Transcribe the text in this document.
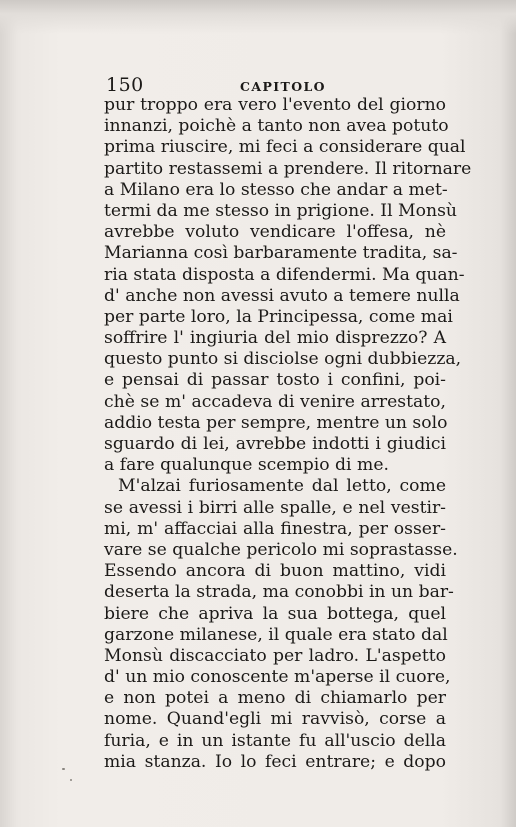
150	CAPITOLO
pur troppo era vero l'evento del giorno
innanzi, poichè a tanto non avea potuto
prima riuscire, mi feci a considerare qual
partito restassemi a prendere. Il ritornare
a Milano era lo stesso che andar a met-
termi da me stesso in prigione. Il Monsù
avrebbe voluto vendicare l'offesa, nè
Marianna così barbaramente tradita, sa-
ria stata disposta a difendermi. Ma quan-
d' anche non avessi avuto a temere nulla
per parte loro, la Principessa, come mai
soffrire l' ingiuria del mio disprezzo? A
questo punto si disciolse ogni dubbiezza,
e pensai di passar tosto i confini, poi-
chè se m' accadeva di venire arrestato,
addio testa per sempre, mentre un solo
sguardo di lei, avrebbe indotti i giudici
a fare qualunque scempio di me.
M'alzai furiosamente dal letto, come
se avessi i birri alle spalle, e nel vestir-
mi, m' affacciai alla finestra, per osser-
vare se qualche pericolo mi soprastasse.
Essendo ancora di buon mattino, vidi
deserta la strada, ma conobbi in un bar-
biere che apriva la sua bottega, quel
garzone milanese, il quale era stato dal
Monsù discacciato per ladro. L'aspetto
d' un mio conoscente m'aperse il cuore,
e non potei a meno di chiamarlo per
nome. Quand'egli mi ravvisò, corse a
furia, e in un istante fu all'uscio della
mia stanza. Io lo feci entrare; e dopo
